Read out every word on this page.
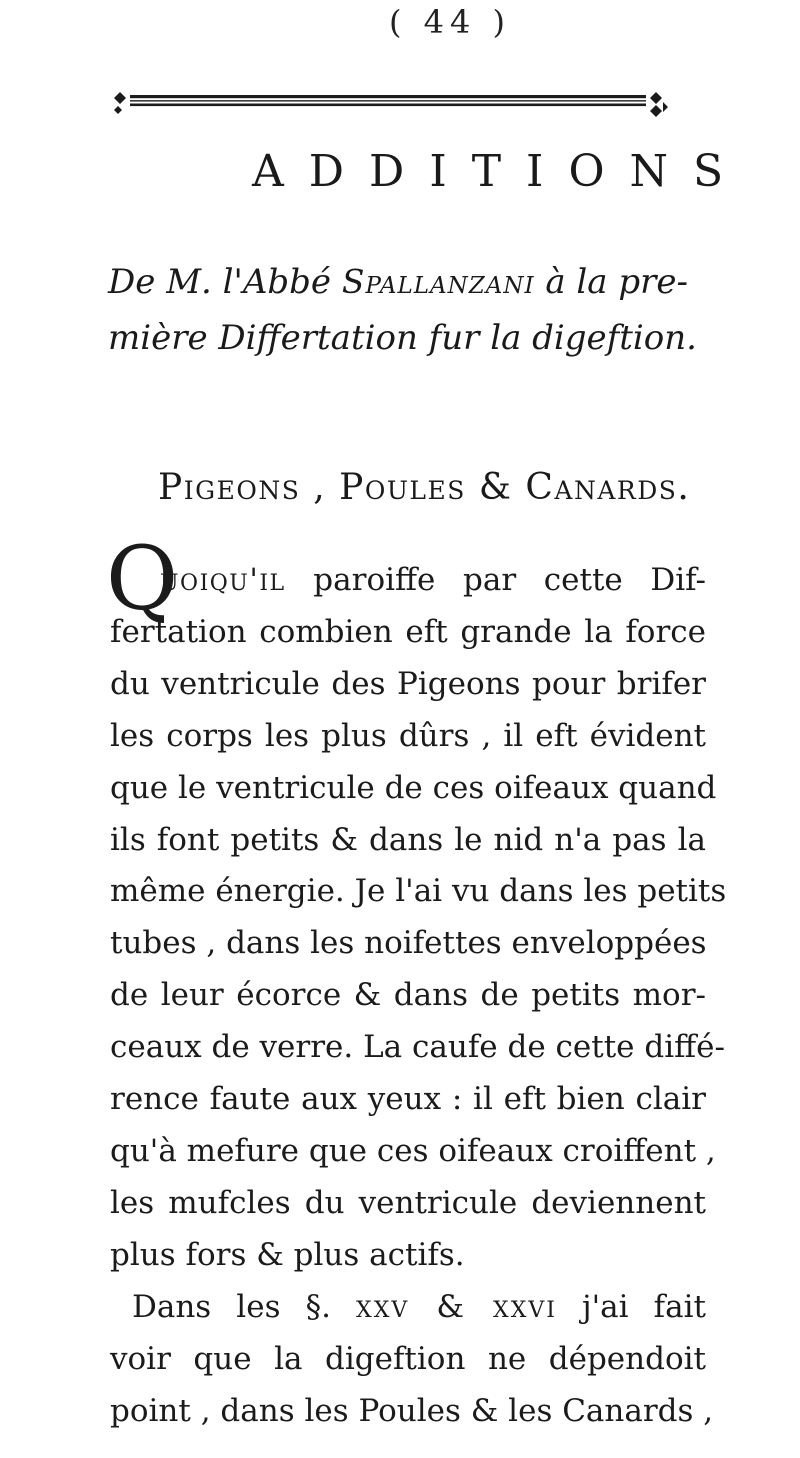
( 44 )
ADDITIONS
De M. l'Abbé Spallanzani à la pre-
mière Differtation fur la digeftion.
Pigeons , Poules & Canards.
Q
uoiqu'il paroiffe par cette Dif-
fertation combien eft grande la force
du ventricule des Pigeons pour brifer
les corps les plus dûrs , il eft évident
que le ventricule de ces oifeaux quand
ils font petits & dans le nid n'a pas la
même énergie. Je l'ai vu dans les petits
tubes , dans les noifettes enveloppées
de leur écorce & dans de petits mor-
ceaux de verre. La caufe de cette diffé-
rence faute aux yeux : il eft bien clair
qu'à mefure que ces oifeaux croiffent ,
les mufcles du ventricule deviennent
plus fors & plus actifs.
Dans les §. xxv & xxvi j'ai fait
voir que la digeftion ne dépendoit
point , dans les Poules & les Canards ,
